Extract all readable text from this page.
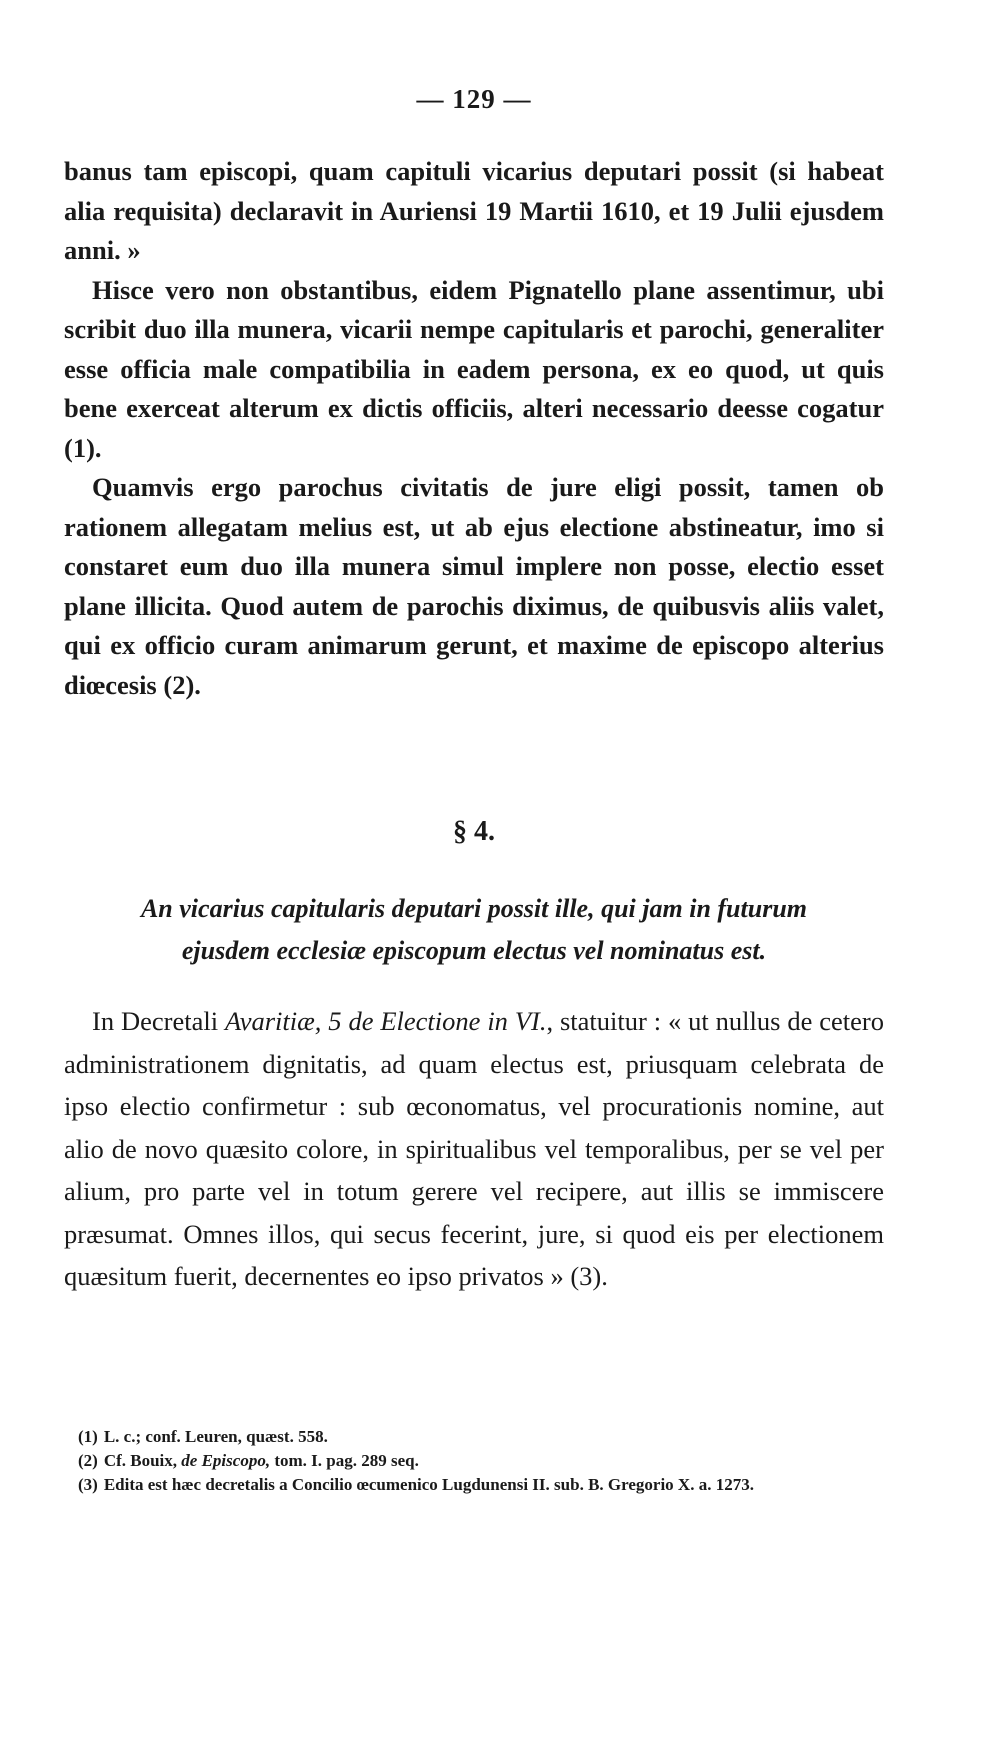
— 129 —

banus tam episcopi, quam capituli vicarius deputari possit (si habeat alia requisita) declaravit in Auriensi 19 Martii 1610, et 19 Julii ejusdem anni. »

Hisce vero non obstantibus, eidem Pignatello plane assentimur, ubi scribit duo illa munera, vicarii nempe capitularis et parochi, generaliter esse officia male compatibilia in eadem persona, ex eo quod, ut quis bene exerceat alterum ex dictis officiis, alteri necessario deesse cogatur (1).

Quamvis ergo parochus civitatis de jure eligi possit, tamen ob rationem allegatam melius est, ut ab ejus electione abstineatur, imo si constaret eum duo illa munera simul implere non posse, electio esset plane illicita. Quod autem de parochis diximus, de quibusvis aliis valet, qui ex officio curam animarum gerunt, et maxime de episcopo alterius diœcesis (2).

§ 4.
An vicarius capitularis deputari possit ille, qui jam in futurum
ejusdem ecclesiæ episcopum electus vel nominatus est.

In Decretali Avaritiæ, 5 de Electione in VI., statuitur : « ut nullus de cetero administrationem dignitatis, ad quam electus est, priusquam celebrata de ipso electio confirmetur : sub œconomatus, vel procurationis nomine, aut alio de novo quæsito colore, in spiritualibus vel temporalibus, per se vel per alium, pro parte vel in totum gerere vel recipere, aut illis se immiscere præsumat. Omnes illos, qui secus fecerint, jure, si quod eis per electionem quæsitum fuerit, decernentes eo ipso privatos » (3).

(1) L. c.; conf. Leuren, quæst. 558.

(2) Cf. Bouix, de Episcopo, tom. I. pag. 289 seq.

(3) Edita est hæc decretalis a Concilio œcumenico Lugdunensi II. sub. B. Gregorio X. a. 1273.
